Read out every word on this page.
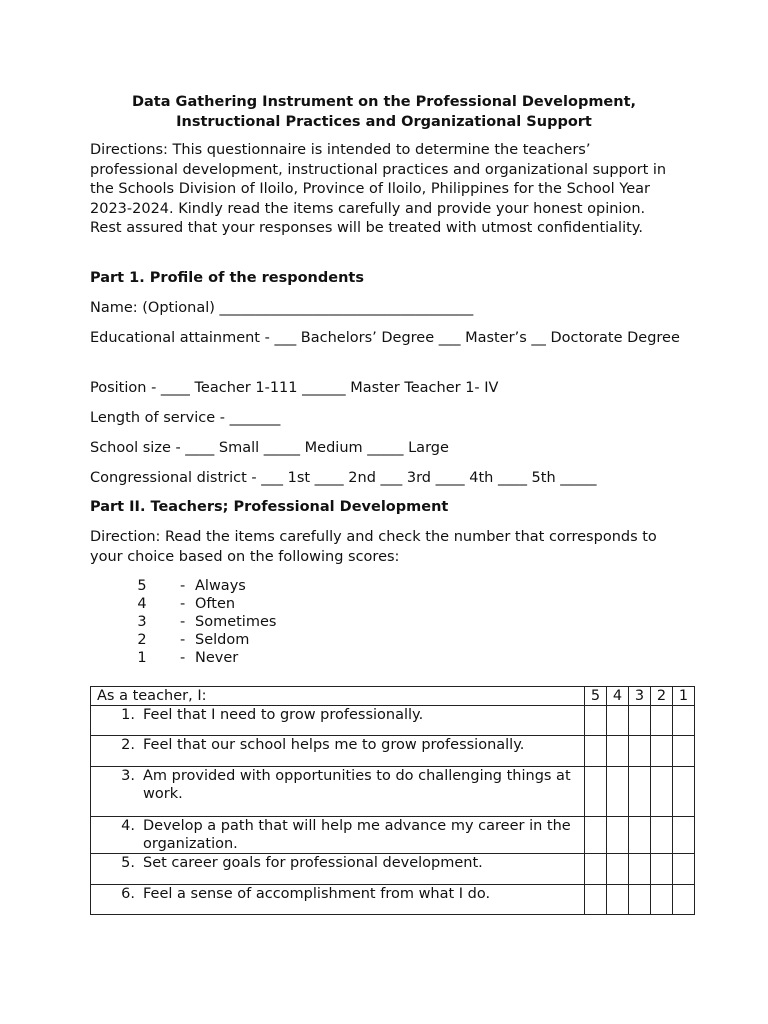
Data Gathering Instrument on the Professional Development,
Instructional Practices and Organizational Support

Directions: This questionnaire is intended to determine the teachers’ professional development, instructional practices and organizational support in the Schools Division of Iloilo, Province of Iloilo, Philippines for the School Year 2023-2024. Kindly read the items carefully and provide your honest opinion. Rest assured that your responses will be treated with utmost confidentiality.

Part 1. Profile of the respondents

Name: (Optional) ___________________________________

Educational attainment - ___ Bachelors’ Degree ___ Master’s __ Doctorate Degree

Position - ____ Teacher 1-111 ______ Master Teacher 1- IV

Length of service - _______

School size - ____ Small _____ Medium _____ Large

Congressional district - ___ 1st ____ 2nd ___ 3rd ____ 4th ____ 5th _____

Part II. Teachers; Professional Development

Direction: Read the items carefully and check the number that corresponds to your choice based on the following scores:

5	- Always
4	- Often
3	- Sometimes
2	- Seldom
1	- Never
As a teacher, I:	5	4	3	2	1

1. Feel that I need to grow professionally.					

2. Feel that our school helps me to grow professionally.					

3. Am provided with opportunities to do challenging things at work.					

4. Develop a path that will help me advance my career in the organization.					

5. Set career goals for professional development.					

6. Feel a sense of accomplishment from what I do.					
